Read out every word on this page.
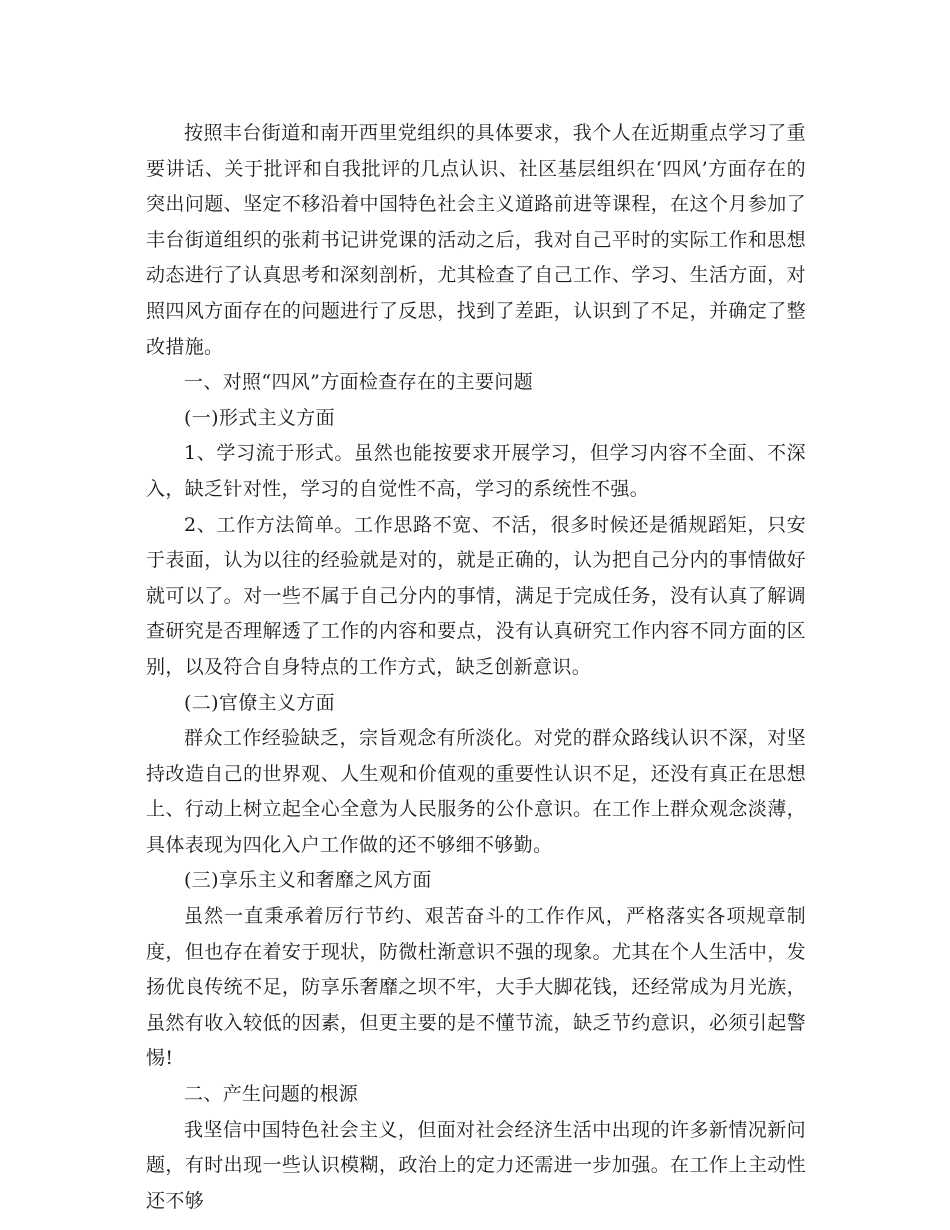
按照丰台街道和南开西里党组织的具体要求，我个人在近期重点学习了重要讲话、关于批评和自我批评的几点认识、社区基层组织在‘四风’方面存在的突出问题、坚定不移沿着中国特色社会主义道路前进等课程，在这个月参加了丰台街道组织的张莉书记讲党课的活动之后，我对自己平时的实际工作和思想动态进行了认真思考和深刻剖析，尤其检查了自己工作、学习、生活方面，对照四风方面存在的问题进行了反思，找到了差距，认识到了不足，并确定了整改措施。

一、对照“四风”方面检查存在的主要问题

(一)形式主义方面

1、学习流于形式。虽然也能按要求开展学习，但学习内容不全面、不深入，缺乏针对性，学习的自觉性不高，学习的系统性不强。

2、工作方法简单。工作思路不宽、不活，很多时候还是循规蹈矩，只安于表面，认为以往的经验就是对的，就是正确的，认为把自己分内的事情做好就可以了。对一些不属于自己分内的事情，满足于完成任务，没有认真了解调查研究是否理解透了工作的内容和要点，没有认真研究工作内容不同方面的区别，以及符合自身特点的工作方式，缺乏创新意识。

(二)官僚主义方面

群众工作经验缺乏，宗旨观念有所淡化。对党的群众路线认识不深，对坚持改造自己的世界观、人生观和价值观的重要性认识不足，还没有真正在思想上、行动上树立起全心全意为人民服务的公仆意识。在工作上群众观念淡薄，具体表现为四化入户工作做的还不够细不够勤。

(三)享乐主义和奢靡之风方面

虽然一直秉承着厉行节约、艰苦奋斗的工作作风，严格落实各项规章制度，但也存在着安于现状，防微杜渐意识不强的现象。尤其在个人生活中，发扬优良传统不足，防享乐奢靡之坝不牢，大手大脚花钱，还经常成为月光族，虽然有收入较低的因素，但更主要的是不懂节流，缺乏节约意识，必须引起警惕!

二、产生问题的根源

我坚信中国特色社会主义，但面对社会经济生活中出现的许多新情况新问题，有时出现一些认识模糊，政治上的定力还需进一步加强。在工作上主动性还不够
